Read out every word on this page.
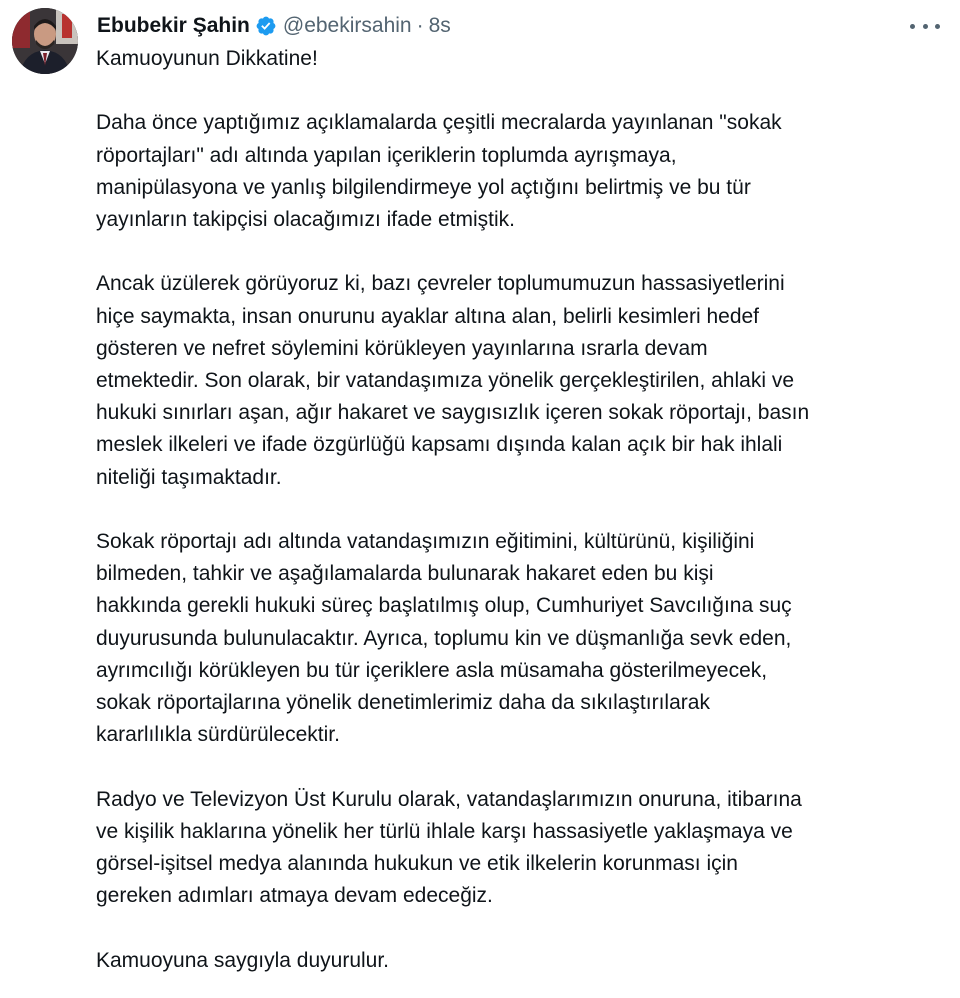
Ebubekir Şahin @ebekirsahin · 8s

Kamuoyunun Dikkatine!

Daha önce yaptığımız açıklamalarda çeşitli mecralarda yayınlanan "sokak
röportajları" adı altında yapılan içeriklerin toplumda ayrışmaya,
manipülasyona ve yanlış bilgilendirmeye yol açtığını belirtmiş ve bu tür
yayınların takipçisi olacağımızı ifade etmiştik.

Ancak üzülerek görüyoruz ki, bazı çevreler toplumumuzun hassasiyetlerini
hiçe saymakta, insan onurunu ayaklar altına alan, belirli kesimleri hedef
gösteren ve nefret söylemini körükleyen yayınlarına ısrarla devam
etmektedir. Son olarak, bir vatandaşımıza yönelik gerçekleştirilen, ahlaki ve
hukuki sınırları aşan, ağır hakaret ve saygısızlık içeren sokak röportajı, basın
meslek ilkeleri ve ifade özgürlüğü kapsamı dışında kalan açık bir hak ihlali
niteliği taşımaktadır.

Sokak röportajı adı altında vatandaşımızın eğitimini, kültürünü, kişiliğini
bilmeden, tahkir ve aşağılamalarda bulunarak hakaret eden bu kişi
hakkında gerekli hukuki süreç başlatılmış olup, Cumhuriyet Savcılığına suç
duyurusunda bulunulacaktır. Ayrıca, toplumu kin ve düşmanlığa sevk eden,
ayrımcılığı körükleyen bu tür içeriklere asla müsamaha gösterilmeyecek,
sokak röportajlarına yönelik denetimlerimiz daha da sıkılaştırılarak
kararlılıkla sürdürülecektir.

Radyo ve Televizyon Üst Kurulu olarak, vatandaşlarımızın onuruna, itibarına
ve kişilik haklarına yönelik her türlü ihlale karşı hassasiyetle yaklaşmaya ve
görsel-işitsel medya alanında hukukun ve etik ilkelerin korunması için
gereken adımları atmaya devam edeceğiz.

Kamuoyuna saygıyla duyurulur.
